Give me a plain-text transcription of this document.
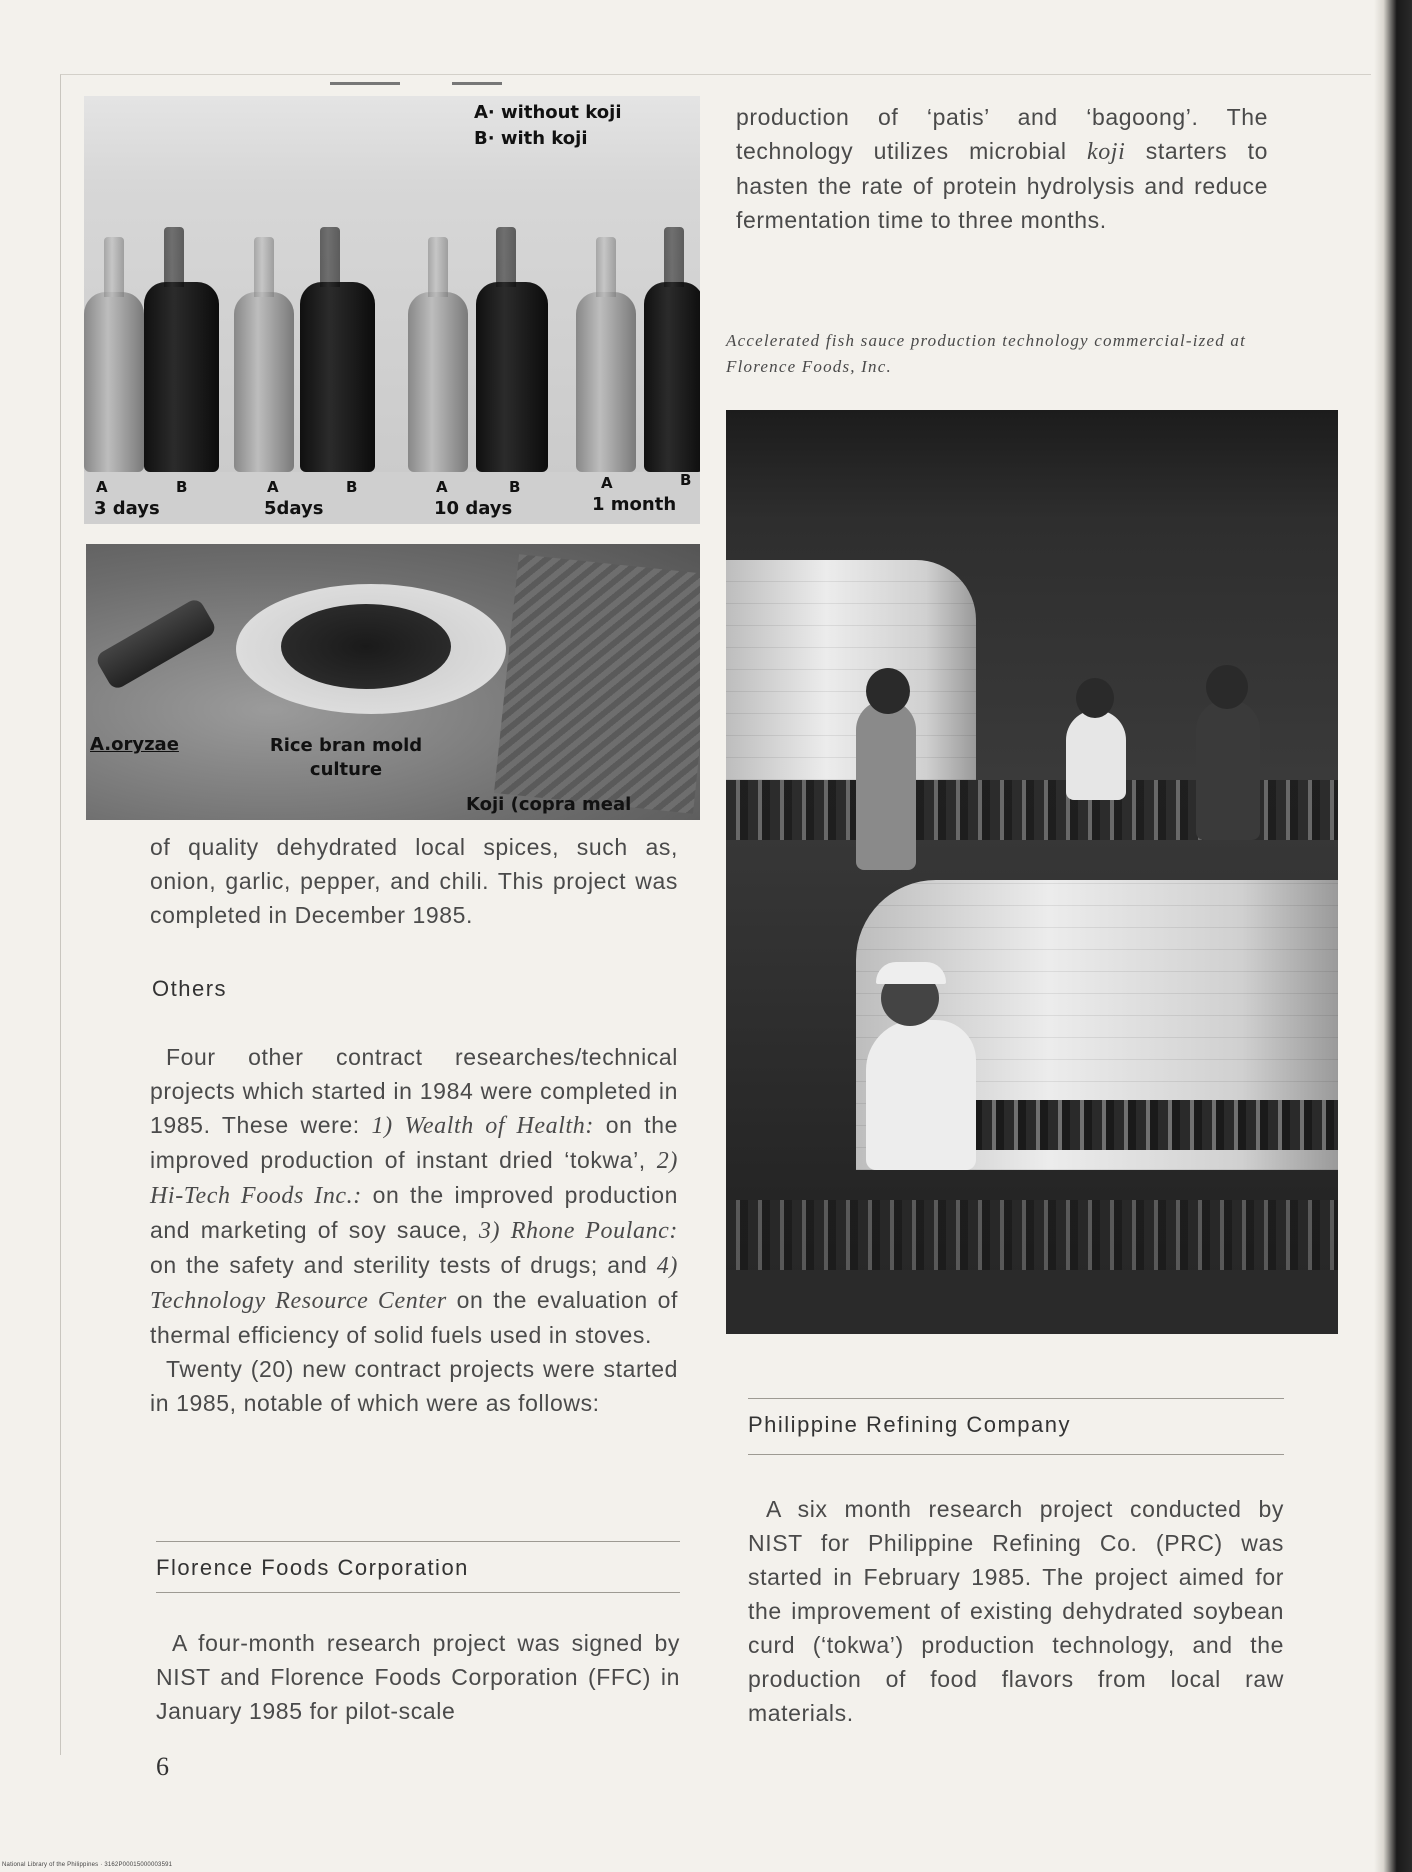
A· without koji
B· with koji
A	B	A	B	A	B	A	B
3 days	5days	10 days	1 month
A.oryzae	Rice bran mold culture
Koji (copra meal
of quality dehydrated local spices, such as, onion, garlic, pepper, and chili. This project was completed in December 1985.
Others

Four other contract researches/technical projects which started in 1984 were completed in 1985. These were: 1) Wealth of Health: on the improved production of instant dried ‘tokwa’, 2) Hi-Tech Foods Inc.: on the improved production and marketing of soy sauce, 3) Rhone Poulanc: on the safety and sterility tests of drugs; and 4) Technology Resource Center on the evaluation of thermal efficiency of solid fuels used in stoves.

Twenty (20) new contract projects were started in 1985, notable of which were as follows:

Florence Foods Corporation
A four-month research project was signed by NIST and Florence Foods Corporation (FFC) in January 1985 for pilot-scale
production of ‘patis’ and ‘bagoong’. The technology utilizes microbial koji starters to hasten the rate of protein hydrolysis and reduce fermentation time to three months.
Accelerated fish sauce production technology commercial-ized at Florence Foods, Inc.
Philippine Refining Company
A six month research project conducted by NIST for Philippine Refining Co. (PRC) was started in February 1985. The project aimed for the improvement of existing dehydrated soybean curd (‘tokwa’) production technology, and the production of food flavors from local raw materials.
6
National Library of the Philippines · 3162P00015000003591
